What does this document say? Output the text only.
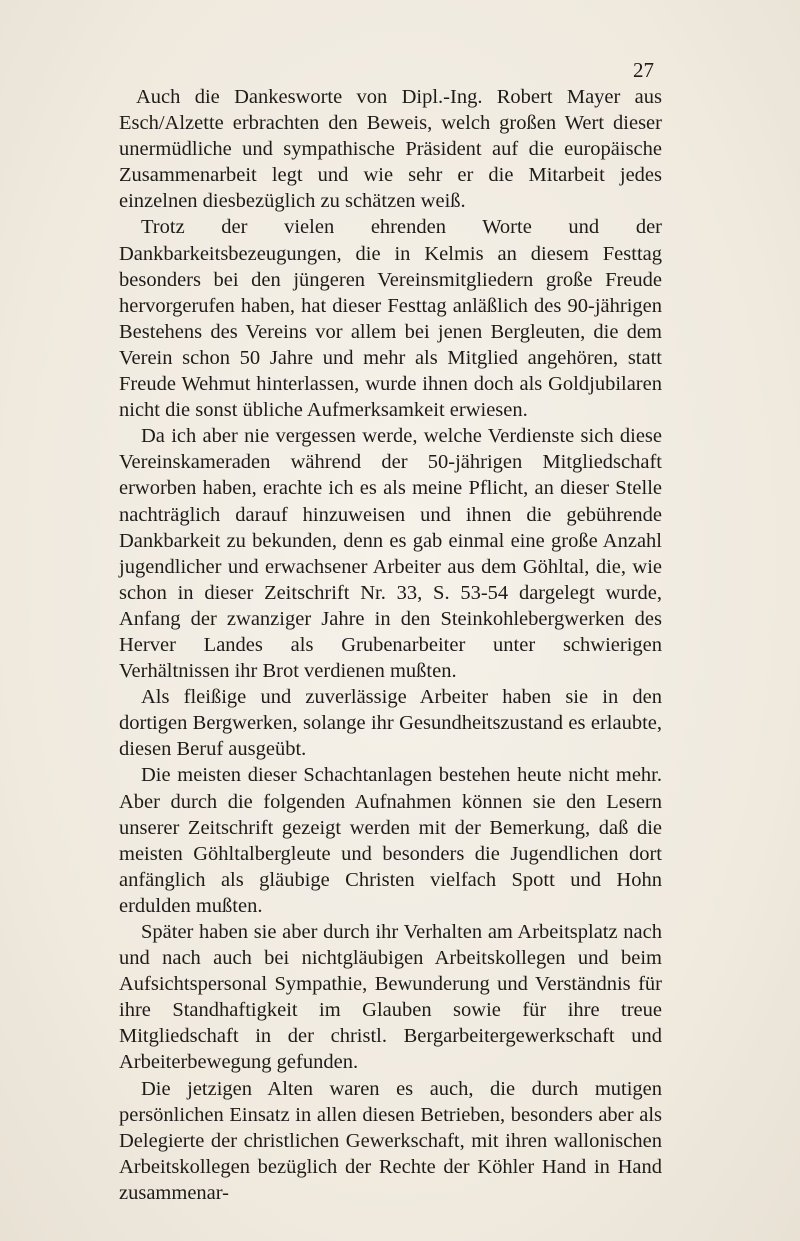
27

Auch die Dankesworte von Dipl.-Ing. Robert Mayer aus Esch/Alzette erbrachten den Beweis, welch großen Wert dieser unermüdliche und sympathische Präsident auf die europäische Zusammenarbeit legt und wie sehr er die Mitarbeit jedes einzelnen diesbezüglich zu schätzen weiß.

Trotz der vielen ehrenden Worte und der Dankbarkeitsbezeugungen, die in Kelmis an diesem Festtag besonders bei den jüngeren Vereinsmitgliedern große Freude hervorgerufen haben, hat dieser Festtag anläßlich des 90-jährigen Bestehens des Vereins vor allem bei jenen Bergleuten, die dem Verein schon 50 Jahre und mehr als Mitglied angehören, statt Freude Wehmut hinterlassen, wurde ihnen doch als Goldjubilaren nicht die sonst übliche Aufmerksamkeit erwiesen.

Da ich aber nie vergessen werde, welche Verdienste sich diese Vereinskameraden während der 50-jährigen Mitgliedschaft erworben haben, erachte ich es als meine Pflicht, an dieser Stelle nachträglich darauf hinzuweisen und ihnen die gebührende Dankbarkeit zu bekunden, denn es gab einmal eine große Anzahl jugendlicher und erwachsener Arbeiter aus dem Göhltal, die, wie schon in dieser Zeitschrift Nr. 33, S. 53-54 dargelegt wurde, Anfang der zwanziger Jahre in den Steinkohlebergwerken des Herver Landes als Grubenarbeiter unter schwierigen Verhältnissen ihr Brot verdienen mußten.

Als fleißige und zuverlässige Arbeiter haben sie in den dortigen Bergwerken, solange ihr Gesundheitszustand es erlaubte, diesen Beruf ausgeübt.

Die meisten dieser Schachtanlagen bestehen heute nicht mehr. Aber durch die folgenden Aufnahmen können sie den Lesern unserer Zeitschrift gezeigt werden mit der Bemerkung, daß die meisten Göhltalbergleute und besonders die Jugendlichen dort anfänglich als gläubige Christen vielfach Spott und Hohn erdulden mußten.

Später haben sie aber durch ihr Verhalten am Arbeitsplatz nach und nach auch bei nichtgläubigen Arbeitskollegen und beim Aufsichtspersonal Sympathie, Bewunderung und Verständnis für ihre Standhaftigkeit im Glauben sowie für ihre treue Mitgliedschaft in der christl. Bergarbeitergewerkschaft und Arbeiterbewegung gefunden.

Die jetzigen Alten waren es auch, die durch mutigen persönlichen Einsatz in allen diesen Betrieben, besonders aber als Delegierte der christlichen Gewerkschaft, mit ihren wallonischen Arbeitskollegen bezüglich der Rechte der Köhler Hand in Hand zusammenar-
